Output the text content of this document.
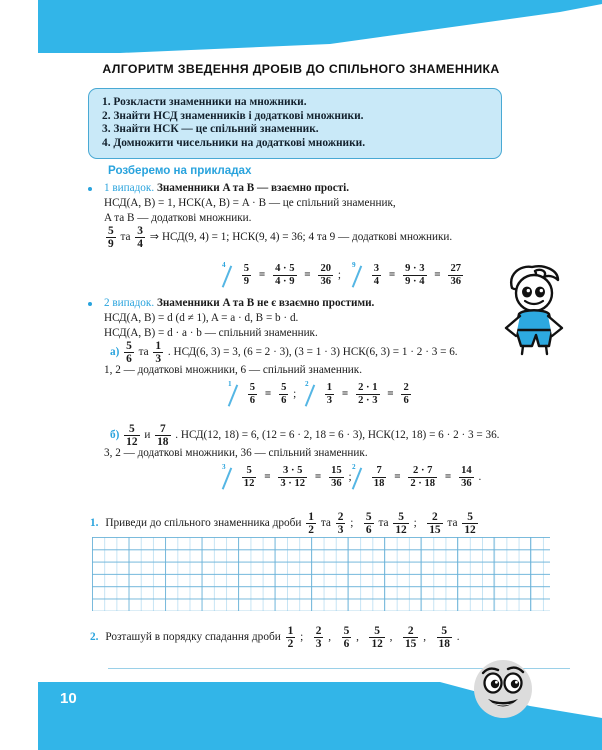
АЛГОРИТМ ЗВЕДЕННЯ ДРОБІВ ДО СПІЛЬНОГО ЗНАМЕННИКА
1. Розкласти знаменники на множники.
2. Знайти НСД знаменників і додаткові множники.
3. Знайти НСК — це спільний знаменник.
4. Домножити чисельники на додаткові множники.
Розберемо на прикладах
1 випадок. Знаменники A та B — взаємно прості.
НСД(A, B) = 1, НСК(A, B) = A · B — це спільний знаменник,
A та B — додаткові множники.
$\frac{5}{9}$ та $\frac{3}{4}$ ⇒ НСД(9, 4) = 1; НСК(9, 4) = 36; 4 та 9 — додаткові множники.
4
$\frac{5}{9} = \frac{4 \cdot 5}{4 \cdot 9} = \frac{20}{36}$ ;
9
$\frac{3}{4} = \frac{9 \cdot 3}{9 \cdot 4} = \frac{27}{36}$
2 випадок. Знаменники A та B не є взаємно простими.
НСД(A, B) = d (d ≠ 1), A = a · d, B = b · d.
НСД(A, B) = d · a · b — спільний знаменник.
$а) \frac{5}{6}$ та $\frac{1}{3}$ . НСД(6, 3) = 3, (6 = 2 · 3), (3 = 1 · 3) НСК(6, 3) = 1 · 2 · 3 = 6.
1, 2 — додаткові множники, 6 — спільний знаменник.
1
$\frac{5}{6} = \frac{5}{6}$ ;
2
$\frac{1}{3} = \frac{2 \cdot 1}{2 \cdot 3} = \frac{2}{6}$
$б) \frac{5}{12}$ и $\frac{7}{18}$ . НСД(12, 18) = 6, (12 = 6 · 2, 18 = 6 · 3), НСК(12, 18) = 6 · 2 · 3 = 36.
3, 2 — додаткові множники, 36 — спільний знаменник.
3
$\frac{5}{12} = \frac{3 \cdot 5}{3 \cdot 12} = \frac{15}{36}$ ;
2
$\frac{7}{18} = \frac{2 \cdot 7}{2 \cdot 18} = \frac{14}{36}$ .
1. Приведи до спільного знаменника дроби $\frac{1}{2}$ та $\frac{2}{3}$ ; $\frac{5}{6}$ та $\frac{5}{12}$ ; $\frac{2}{15}$ та $\frac{5}{12}$
2. Розташуй в порядку спадання дроби $\frac{1}{2}$ ; $\frac{2}{3}$ , $\frac{5}{6}$ , $\frac{5}{12}$ , $\frac{2}{15}$ , $\frac{5}{18}$ .
10
